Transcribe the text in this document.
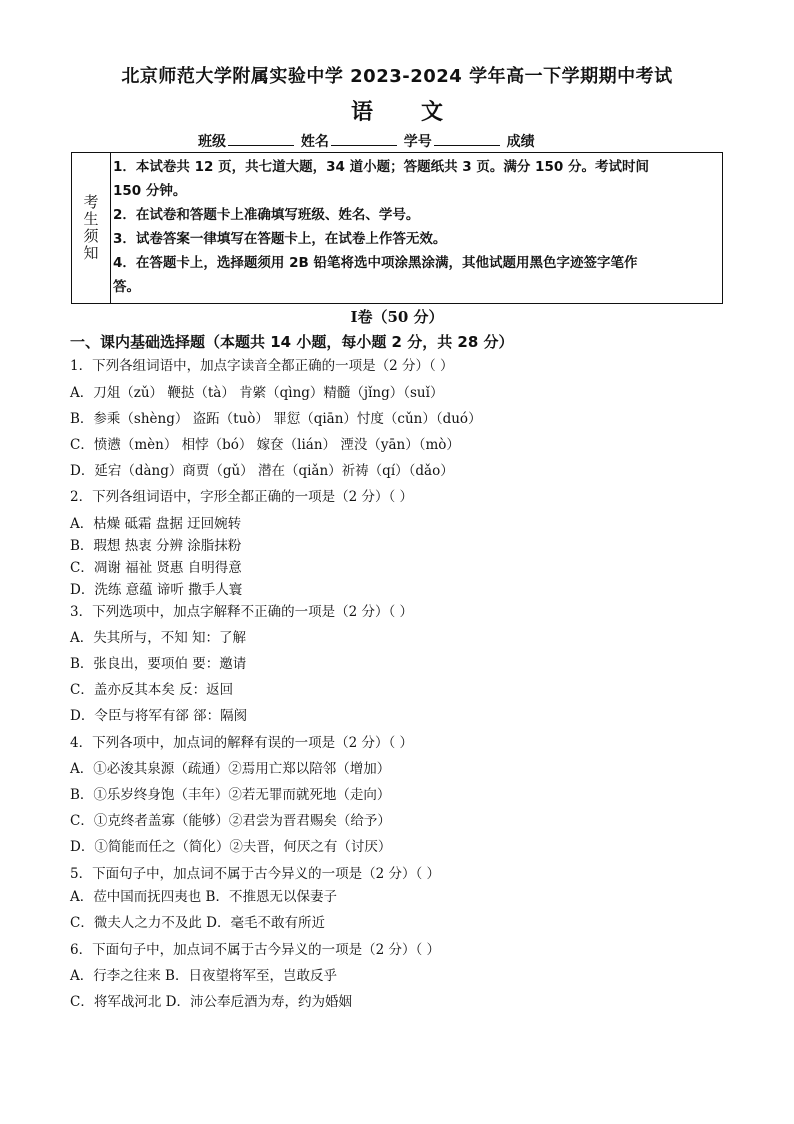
北京师范大学附属实验中学 2023-2024 学年高一下学期期中考试
语文
班级	姓名	学号	成绩
考生须知
1．本试卷共 12 页，共七道大题，34 道小题；答题纸共 3 页。满分 150 分。考试时间
150 分钟。
2．在试卷和答题卡上准确填写班级、姓名、学号。
3．试卷答案一律填写在答题卡上，在试卷上作答无效。
4．在答题卡上，选择题须用 2B 铅笔将选中项涂黑涂满，其他试题用黑色字迹签字笔作
答。
Ⅰ卷（50 分）
一、课内基础选择题（本题共 14 小题，每小题 2 分，共 28 分）
1．下列各组词语中，加点字读音全都正确的一项是（2 分）（ ）
A．刀俎（zǔ） 鞭挞（tà） 肯綮（qìng）精髓（jǐng）（suǐ）
B．参乘（shèng） 盗跖（tuò） 罪愆（qiān）忖度（cǔn）（duó）
C．愤懑（mèn） 相悖（bó） 嫁奁（lián） 湮没（yān）（mò）
D．延宕（dàng）商贾（gǔ） 潜在（qiǎn）祈祷（qí）（dǎo）
2．下列各组词语中，字形全都正确的一项是（2 分）（ ）
A．枯燥 砥霜 盘据 迂回婉转
B．瑕想 热衷 分辨 涂脂抹粉
C．凋谢 福祉 贤惠 自明得意
D．洗练 意蕴 谛听 撒手人寰
3．下列选项中，加点字解释不正确的一项是（2 分）（ ）
A．失其所与，不知 知：了解
B．张良出，要项伯 要：邀请
C．盖亦反其本矣 反：返回
D．令臣与将军有郤 郤：隔阂
4．下列各项中，加点词的解释有误的一项是（2 分）（ ）
A．①必浚其泉源（疏通）②焉用亡郑以陪邻（增加）
B．①乐岁终身饱（丰年）②若无罪而就死地（走向）
C．①克终者盖寡（能够）②君尝为晋君赐矣（给予）
D．①简能而任之（简化）②夫晋，何厌之有（讨厌）
5．下面句子中，加点词不属于古今异义的一项是（2 分）（ ）
A．莅中国而抚四夷也 B．不推恩无以保妻子
C．微夫人之力不及此 D．毫毛不敢有所近
6．下面句子中，加点词不属于古今异义的一项是（2 分）（ ）
A．行李之往来 B．日夜望将军至，岂敢反乎
C．将军战河北 D．沛公奉卮酒为寿，约为婚姻
